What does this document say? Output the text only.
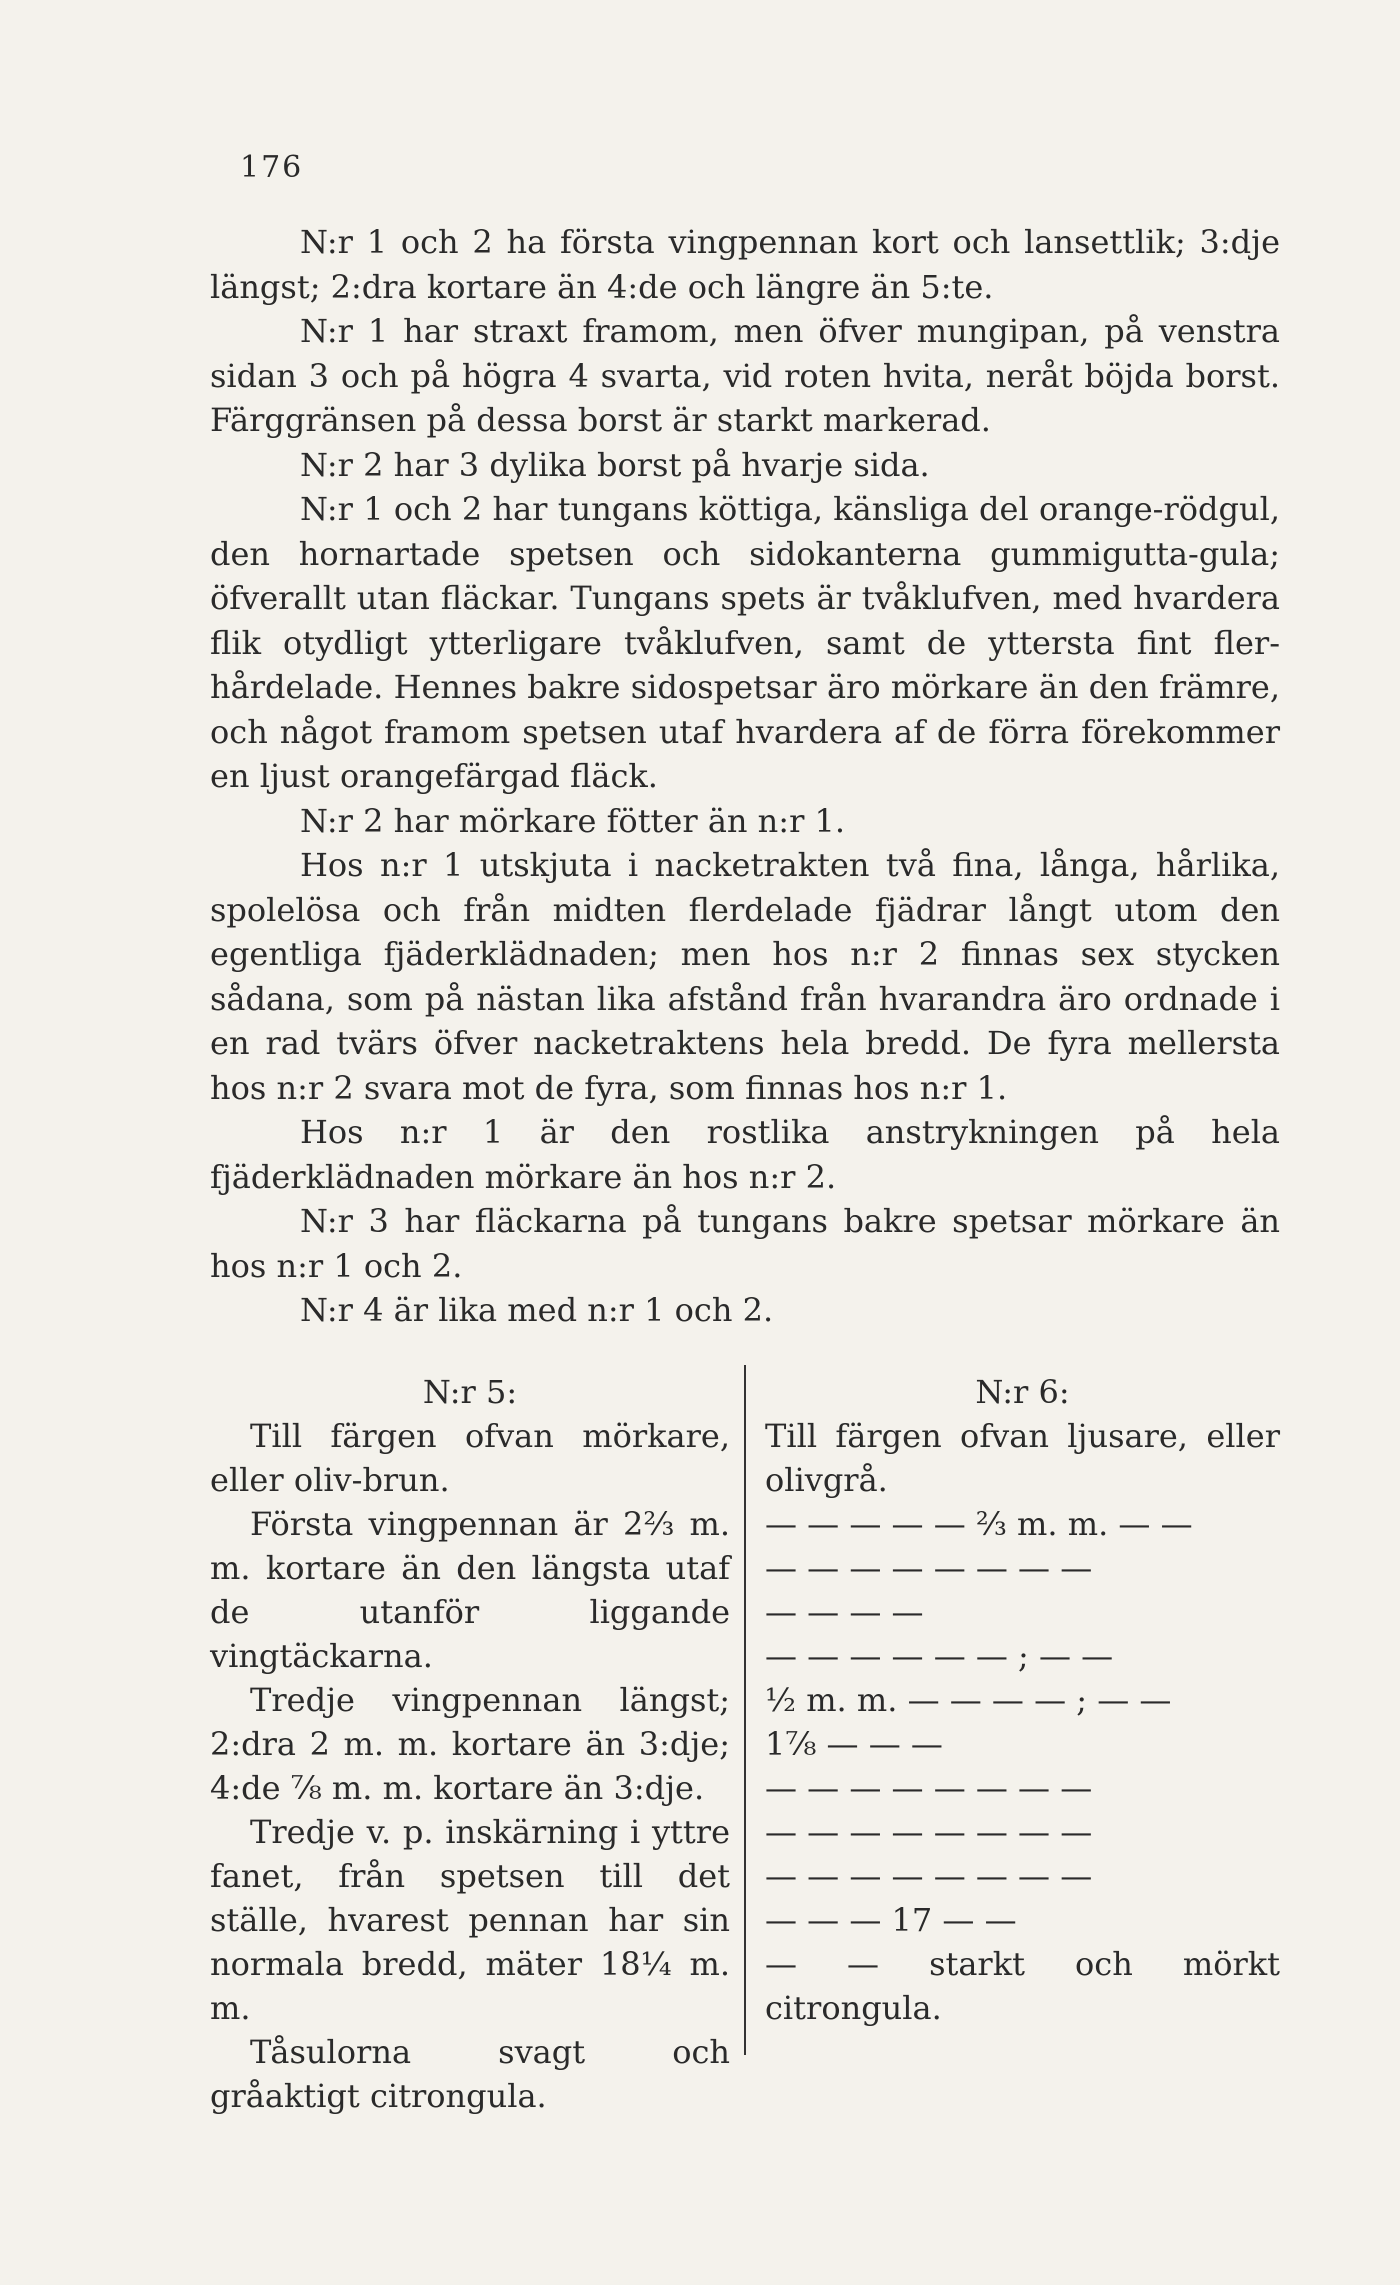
176

N:r 1 och 2 ha första vingpennan kort och lansettlik; 3:dje längst; 2:dra kortare än 4:de och längre än 5:te.

N:r 1 har straxt framom, men öfver mungipan, på venstra sidan 3 och på högra 4 svarta, vid roten hvita, neråt böjda borst. Färggränsen på dessa borst är starkt markerad.

N:r 2 har 3 dylika borst på hvarje sida.

N:r 1 och 2 har tungans köttiga, känsliga del orange-rödgul, den hornartade spetsen och sidokanterna gummigutta-gula; öfverallt utan fläckar. Tungans spets är tvåklufven, med hvardera flik otydligt ytterligare tvåklufven, samt de yttersta fint fler-hårdelade. Hennes bakre sidospetsar äro mörkare än den främre, och något framom spetsen utaf hvardera af de förra förekommer en ljust orangefärgad fläck.

N:r 2 har mörkare fötter än n:r 1.

Hos n:r 1 utskjuta i nacketrakten två fina, långa, hårlika, spolelösa och från midten flerdelade fjädrar långt utom den egentliga fjäderklädnaden; men hos n:r 2 finnas sex stycken sådana, som på nästan lika afstånd från hvarandra äro ordnade i en rad tvärs öfver nacketraktens hela bredd. De fyra mellersta hos n:r 2 svara mot de fyra, som finnas hos n:r 1.

Hos n:r 1 är den rostlika anstrykningen på hela fjäderklädnaden mörkare än hos n:r 2.

N:r 3 har fläckarna på tungans bakre spetsar mörkare än hos n:r 1 och 2.

N:r 4 är lika med n:r 1 och 2.

N:r 5:

Till färgen ofvan mörkare, eller oliv-brun.

Första vingpennan är 2⅔ m. m. kortare än den längsta utaf de utanför liggande vingtäckarna.

Tredje vingpennan längst; 2:dra 2 m. m. kortare än 3:dje; 4:de ⅞ m. m. kortare än 3:dje.

Tredje v. p. inskärning i yttre fanet, från spetsen till det ställe, hvarest pennan har sin normala bredd, mäter 18¼ m. m.

Tåsulorna svagt och gråaktigt citrongula.

N:r 6:

Till färgen ofvan ljusare, eller olivgrå.

— — — — — ⅔ m. m. — —

— — — — — — — —

— — — —

— — — — — — ; — —

½ m. m. — — — — ; — —

1⅞ — — —

— — — — — — — —

— — — — — — — —

— — — — — — — —

— — — 17 — —

— — starkt och mörkt citrongula.
